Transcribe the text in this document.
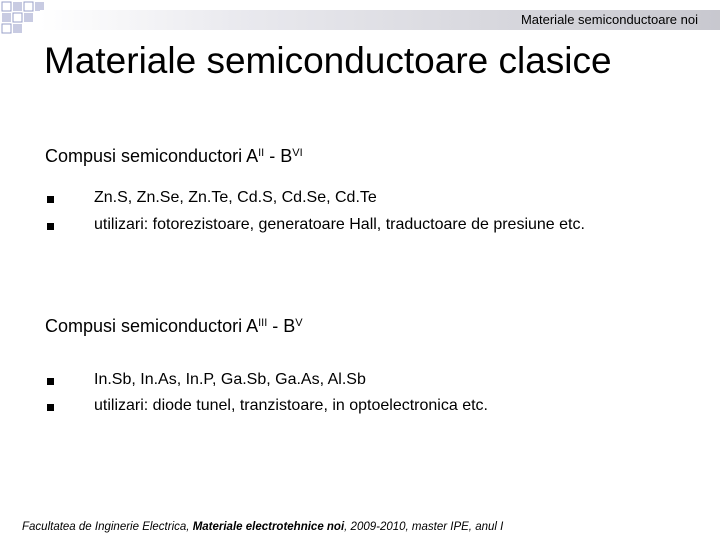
Materiale semiconductoare noi
Materiale semiconductoare clasice
Compusi semiconductori $A^{II} - B^{VI}$
Zn.S, Zn.Se, Zn.Te, Cd.S, Cd.Se, Cd.Te
utilizari: fotorezistoare, generatoare Hall, traductoare de presiune etc.
Compusi semiconductori $A^{III} - B^V$
In.Sb, In.As, In.P, Ga.Sb, Ga.As, Al.Sb
utilizari: diode tunel, tranzistoare, in optoelectronica etc.
Facultatea de Inginerie Electrica, Materiale electrotehnice noi, 2009-2010, master IPE, anul I
